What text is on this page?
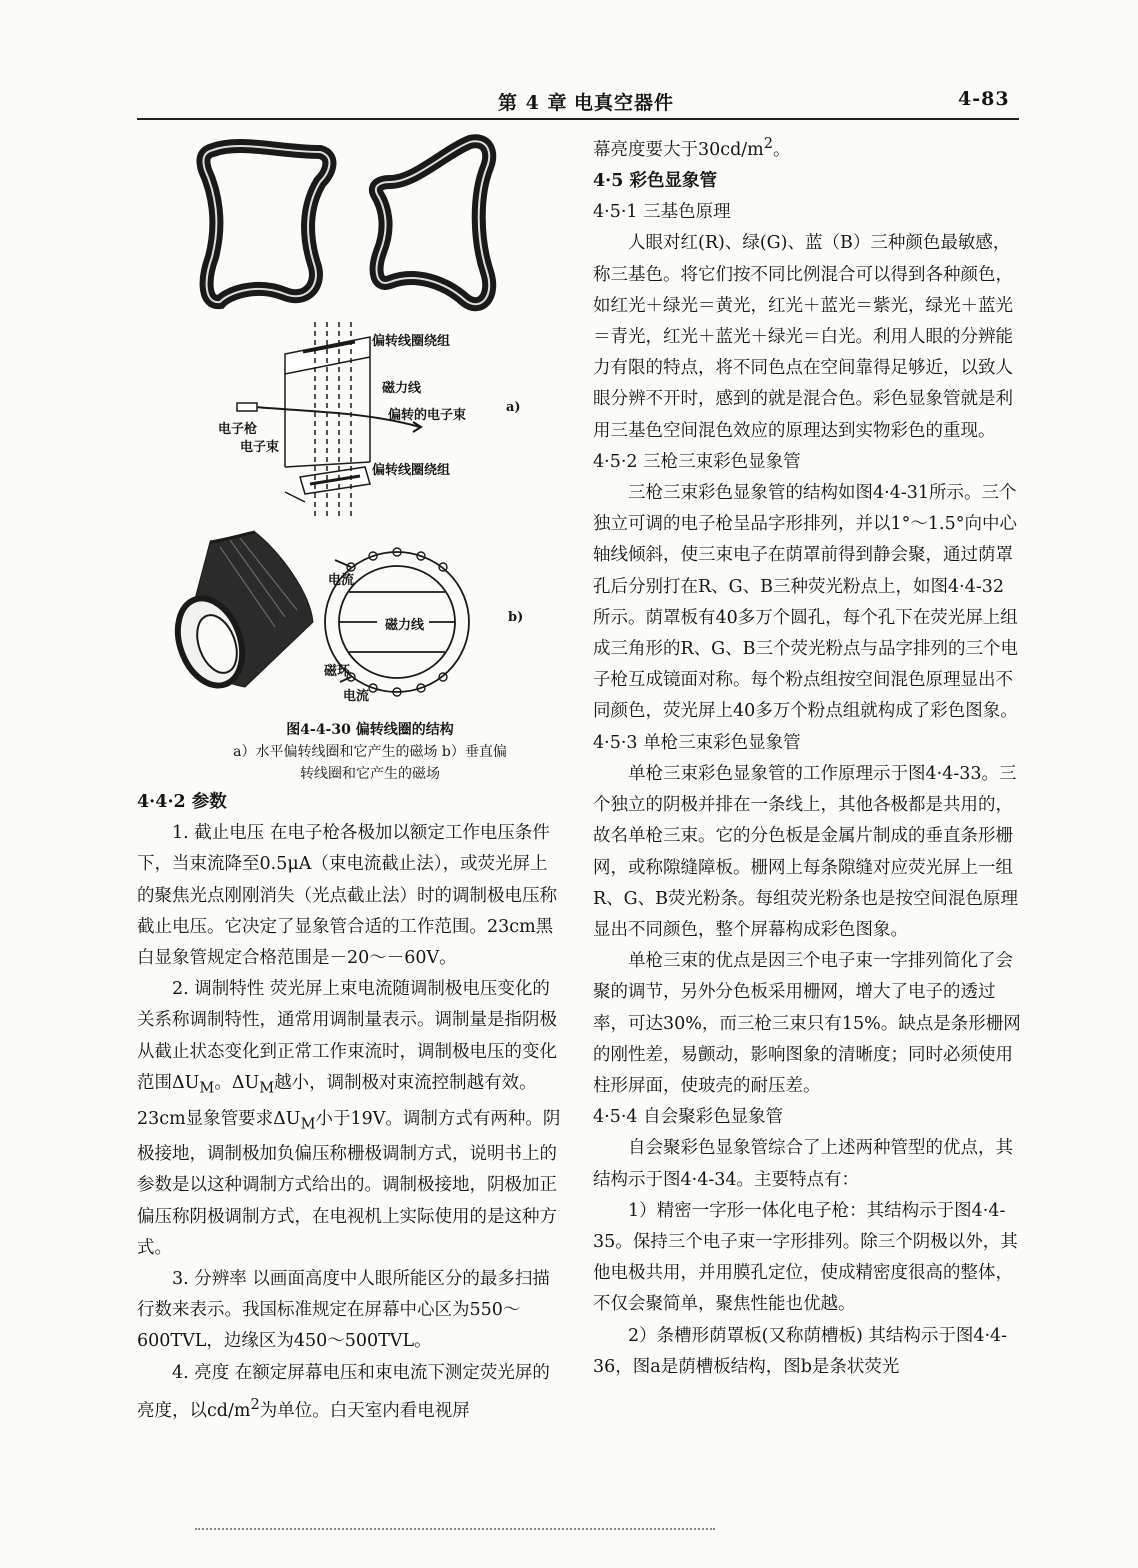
第 4 章 电真空器件	4-83
偏转线圈绕组
磁力线
偏转的电子束
电子枪
电子束
偏转线圈绕组
a)
电流
磁力线
磁环
电流
b)
图4-4-30 偏转线圈的结构
a）水平偏转线圈和它产生的磁场 b）垂直偏
转线圈和它产生的磁场

4·4·2 参数

1. 截止电压 在电子枪各极加以额定工作电压条件下，当束流降至0.5μA（束电流截止法），或荧光屏上的聚焦光点刚刚消失（光点截止法）时的调制极电压称截止电压。它决定了显象管合适的工作范围。23cm黑白显象管规定合格范围是－20～－60V。

2. 调制特性 荧光屏上束电流随调制极电压变化的关系称调制特性，通常用调制量表示。调制量是指阴极从截止状态变化到正常工作束流时，调制极电压的变化范围$\Delta U_M$。$\Delta U_M$越小，调制极对束流控制越有效。23cm显象管要求$\Delta U_M$小于19V。调制方式有两种。阴极接地，调制极加负偏压称栅极调制方式，说明书上的参数是以这种调制方式给出的。调制极接地，阴极加正偏压称阴极调制方式，在电视机上实际使用的是这种方式。

3. 分辨率 以画面高度中人眼所能区分的最多扫描行数来表示。我国标准规定在屏幕中心区为550～600TVL，边缘区为450～500TVL。

4. 亮度 在额定屏幕电压和束电流下测定荧光屏的亮度，以$cd/m^2$为单位。白天室内看电视屏

幕亮度要大于$30cd/m^2$。

4·5 彩色显象管

4·5·1 三基色原理

人眼对红(R)、绿(G)、蓝（B）三种颜色最敏感，称三基色。将它们按不同比例混合可以得到各种颜色，如红光＋绿光＝黄光，红光＋蓝光＝紫光，绿光＋蓝光＝青光，红光＋蓝光＋绿光＝白光。利用人眼的分辨能力有限的特点，将不同色点在空间靠得足够近，以致人眼分辨不开时，感到的就是混合色。彩色显象管就是利用三基色空间混色效应的原理达到实物彩色的重现。

4·5·2 三枪三束彩色显象管

三枪三束彩色显象管的结构如图4·4-31所示。三个独立可调的电子枪呈品字形排列，并以1°～1.5°向中心轴线倾斜，使三束电子在荫罩前得到静会聚，通过荫罩孔后分别打在R、G、B三种荧光粉点上，如图4·4-32所示。荫罩板有40多万个圆孔，每个孔下在荧光屏上组成三角形的R、G、B三个荧光粉点与品字排列的三个电子枪互成镜面对称。每个粉点组按空间混色原理显出不同颜色，荧光屏上40多万个粉点组就构成了彩色图象。

4·5·3 单枪三束彩色显象管

单枪三束彩色显象管的工作原理示于图4·4-33。三个独立的阴极并排在一条线上，其他各极都是共用的，故名单枪三束。它的分色板是金属片制成的垂直条形栅网，或称隙缝障板。栅网上每条隙缝对应荧光屏上一组R、G、B荧光粉条。每组荧光粉条也是按空间混色原理显出不同颜色，整个屏幕构成彩色图象。

单枪三束的优点是因三个电子束一字排列简化了会聚的调节，另外分色板采用栅网，增大了电子的透过率，可达30%，而三枪三束只有15%。缺点是条形栅网的刚性差，易颤动，影响图象的清晰度；同时必须使用柱形屏面，使玻壳的耐压差。

4·5·4 自会聚彩色显象管

自会聚彩色显象管综合了上述两种管型的优点，其结构示于图4·4-34。主要特点有：

1）精密一字形一体化电子枪：其结构示于图4·4-35。保持三个电子束一字形排列。除三个阴极以外，其他电极共用，并用膜孔定位，使成精密度很高的整体，不仅会聚简单，聚焦性能也优越。

2）条槽形荫罩板(又称荫槽板) 其结构示于图4·4-36，图a是荫槽板结构，图b是条状荧光
